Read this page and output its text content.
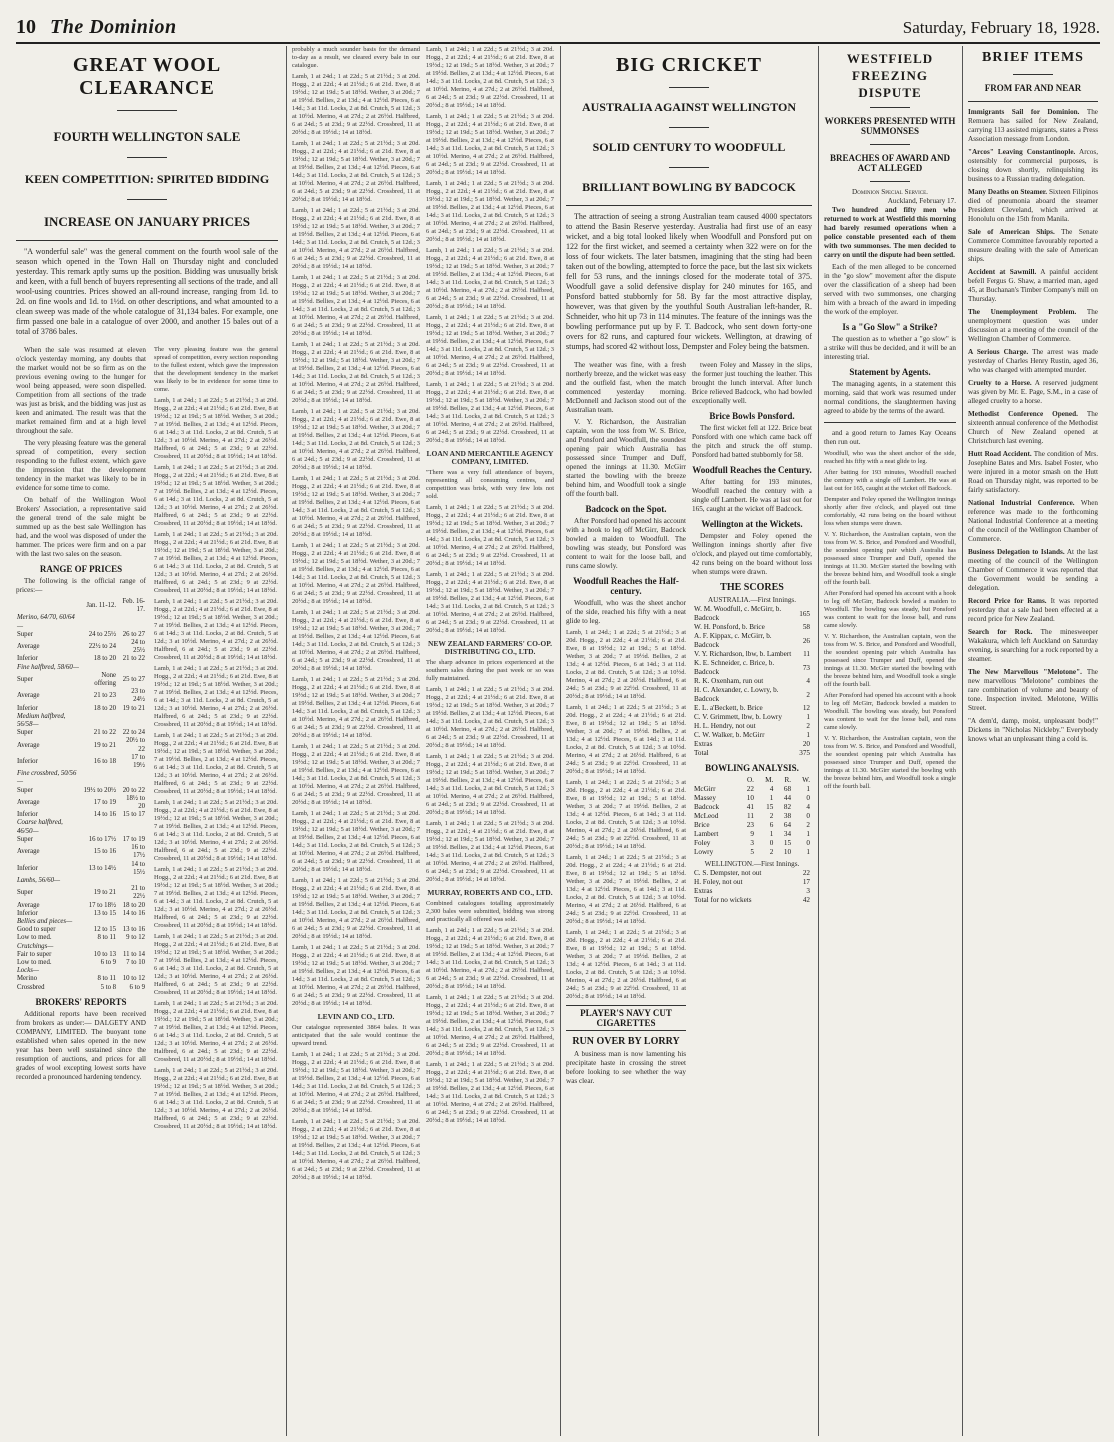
10 The Dominion	Saturday, February 18, 1928.
GREAT WOOL CLEARANCE
FOURTH WELLINGTON SALE
KEEN COMPETITION: SPIRITED BIDDING
INCREASE ON JANUARY PRICES

"A wonderful sale" was the general comment on the fourth wool sale of the season which opened in the Town Hall on Thursday night and concluded yesterday. This remark aptly sums up the position. Bidding was unusually brisk and keen, with a full bench of buyers representing all sections of the trade, and all wool-using countries. Prices showed an all-round increase, ranging from 1d. to 2d. on fine wools and 1d. to 1½d. on other descriptions, and what amounted to a clean sweep was made of the whole catalogue of 31,134 bales. For example, one firm passed one bale in a catalogue of over 2000, and another 15 bales out of a total of 3786 bales.

When the sale was resumed at eleven o'clock yesterday morning, any doubts that the market would not be so firm as on the previous evening owing to the hunger for wool being appeased, were soon dispelled. Competition from all sections of the trade was just as brisk, and the bidding was just as keen and animated. The result was that the market remained firm and at a high level throughout the sale.

The very pleasing feature was the general spread of competition, every section responding to the fullest extent, which gave the impression that the development tendency in the market was likely to be in evidence for some time to come.

On behalf of the Wellington Wool Brokers' Association, a representative said the general trend of the sale might be summed up as the best sale Wellington has had, and the wool was disposed of under the hammer. The prices were firm and on a par with the last two sales on the season.

RANGE OF PRICES

The following is the official range of prices:—

	Jan. 11-12.	Feb. 16-17.
Merino, 64/70, 60/64—		
Super	24 to 25½	26 to 27
Average	22½ to 24	24 to 25½
Inferior	18 to 20	21 to 22
Fine halfbred, 58/60—		
Super	None offering	25 to 27
Average	21 to 23	23 to 24½
Inferior	18 to 20	19 to 21
Medium halfbred, 56/58—		
Super	21 to 22	22 to 24
Average	19 to 21	20½ to 22
Inferior	16 to 18	17 to 19½
Fine crossbred, 50/56—		
Super	19½ to 20½	20 to 22
Average	17 to 19	18½ to 20
Inferior	14 to 16	15 to 17
Coarse halfbred, 46/50—		
Super	16 to 17½	17 to 19
Average	15 to 16	16 to 17½
Inferior	13 to 14½	14 to 15½
Lambs, 56/60—		
Super	19 to 21	21 to 22½
Average	17 to 18½	18 to 20
Inferior	13 to 15	14 to 16
Bellies and pieces—		
Good to super	12 to 15	13 to 16
Low to med.	8 to 11	9 to 12
Crutchings—		
Fair to super	10 to 13	11 to 14
Low to med.	6 to 9	7 to 10
Locks—		
Merino	8 to 11	10 to 12
Crossbred	5 to 8	6 to 9
BROKERS' REPORTS

Additional reports have been received from brokers as under:— DALGETY AND COMPANY, LIMITED. The buoyant tone established when sales opened in the new year has been well sustained since the resumption of auctions, and prices for all grades of wool excepting lowest sorts have recorded a pronounced hardening tendency.

The very pleasing feature was the general spread of competition, every section responding to the fullest extent, which gave the impression that the development tendency in the market was likely to be in evidence for some time to come.

Lamb, 1 at 24d.; 1 at 22d.; 5 at 21½d.; 3 at 20d. Hogg., 2 at 22d.; 4 at 21½d.; 6 at 21d. Ewe, 8 at 19½d.; 12 at 19d.; 5 at 18½d. Wether, 3 at 20d.; 7 at 19½d. Bellies, 2 at 13d.; 4 at 12½d. Pieces, 6 at 14d.; 3 at 11d. Locks, 2 at 8d. Crutch, 5 at 12d.; 3 at 10½d. Merino, 4 at 27d.; 2 at 26½d. Halfbred, 6 at 24d.; 5 at 23d.; 9 at 22½d. Crossbred, 11 at 20½d.; 8 at 19½d.; 14 at 18½d.

Lamb, 1 at 24d.; 1 at 22d.; 5 at 21½d.; 3 at 20d. Hogg., 2 at 22d.; 4 at 21½d.; 6 at 21d. Ewe, 8 at 19½d.; 12 at 19d.; 5 at 18½d. Wether, 3 at 20d.; 7 at 19½d. Bellies, 2 at 13d.; 4 at 12½d. Pieces, 6 at 14d.; 3 at 11d. Locks, 2 at 8d. Crutch, 5 at 12d.; 3 at 10½d. Merino, 4 at 27d.; 2 at 26½d. Halfbred, 6 at 24d.; 5 at 23d.; 9 at 22½d. Crossbred, 11 at 20½d.; 8 at 19½d.; 14 at 18½d.

Lamb, 1 at 24d.; 1 at 22d.; 5 at 21½d.; 3 at 20d. Hogg., 2 at 22d.; 4 at 21½d.; 6 at 21d. Ewe, 8 at 19½d.; 12 at 19d.; 5 at 18½d. Wether, 3 at 20d.; 7 at 19½d. Bellies, 2 at 13d.; 4 at 12½d. Pieces, 6 at 14d.; 3 at 11d. Locks, 2 at 8d. Crutch, 5 at 12d.; 3 at 10½d. Merino, 4 at 27d.; 2 at 26½d. Halfbred, 6 at 24d.; 5 at 23d.; 9 at 22½d. Crossbred, 11 at 20½d.; 8 at 19½d.; 14 at 18½d.

Lamb, 1 at 24d.; 1 at 22d.; 5 at 21½d.; 3 at 20d. Hogg., 2 at 22d.; 4 at 21½d.; 6 at 21d. Ewe, 8 at 19½d.; 12 at 19d.; 5 at 18½d. Wether, 3 at 20d.; 7 at 19½d. Bellies, 2 at 13d.; 4 at 12½d. Pieces, 6 at 14d.; 3 at 11d. Locks, 2 at 8d. Crutch, 5 at 12d.; 3 at 10½d. Merino, 4 at 27d.; 2 at 26½d. Halfbred, 6 at 24d.; 5 at 23d.; 9 at 22½d. Crossbred, 11 at 20½d.; 8 at 19½d.; 14 at 18½d.

Lamb, 1 at 24d.; 1 at 22d.; 5 at 21½d.; 3 at 20d. Hogg., 2 at 22d.; 4 at 21½d.; 6 at 21d. Ewe, 8 at 19½d.; 12 at 19d.; 5 at 18½d. Wether, 3 at 20d.; 7 at 19½d. Bellies, 2 at 13d.; 4 at 12½d. Pieces, 6 at 14d.; 3 at 11d. Locks, 2 at 8d. Crutch, 5 at 12d.; 3 at 10½d. Merino, 4 at 27d.; 2 at 26½d. Halfbred, 6 at 24d.; 5 at 23d.; 9 at 22½d. Crossbred, 11 at 20½d.; 8 at 19½d.; 14 at 18½d.

Lamb, 1 at 24d.; 1 at 22d.; 5 at 21½d.; 3 at 20d. Hogg., 2 at 22d.; 4 at 21½d.; 6 at 21d. Ewe, 8 at 19½d.; 12 at 19d.; 5 at 18½d. Wether, 3 at 20d.; 7 at 19½d. Bellies, 2 at 13d.; 4 at 12½d. Pieces, 6 at 14d.; 3 at 11d. Locks, 2 at 8d. Crutch, 5 at 12d.; 3 at 10½d. Merino, 4 at 27d.; 2 at 26½d. Halfbred, 6 at 24d.; 5 at 23d.; 9 at 22½d. Crossbred, 11 at 20½d.; 8 at 19½d.; 14 at 18½d.

Lamb, 1 at 24d.; 1 at 22d.; 5 at 21½d.; 3 at 20d. Hogg., 2 at 22d.; 4 at 21½d.; 6 at 21d. Ewe, 8 at 19½d.; 12 at 19d.; 5 at 18½d. Wether, 3 at 20d.; 7 at 19½d. Bellies, 2 at 13d.; 4 at 12½d. Pieces, 6 at 14d.; 3 at 11d. Locks, 2 at 8d. Crutch, 5 at 12d.; 3 at 10½d. Merino, 4 at 27d.; 2 at 26½d. Halfbred, 6 at 24d.; 5 at 23d.; 9 at 22½d. Crossbred, 11 at 20½d.; 8 at 19½d.; 14 at 18½d.

Lamb, 1 at 24d.; 1 at 22d.; 5 at 21½d.; 3 at 20d. Hogg., 2 at 22d.; 4 at 21½d.; 6 at 21d. Ewe, 8 at 19½d.; 12 at 19d.; 5 at 18½d. Wether, 3 at 20d.; 7 at 19½d. Bellies, 2 at 13d.; 4 at 12½d. Pieces, 6 at 14d.; 3 at 11d. Locks, 2 at 8d. Crutch, 5 at 12d.; 3 at 10½d. Merino, 4 at 27d.; 2 at 26½d. Halfbred, 6 at 24d.; 5 at 23d.; 9 at 22½d. Crossbred, 11 at 20½d.; 8 at 19½d.; 14 at 18½d.

Lamb, 1 at 24d.; 1 at 22d.; 5 at 21½d.; 3 at 20d. Hogg., 2 at 22d.; 4 at 21½d.; 6 at 21d. Ewe, 8 at 19½d.; 12 at 19d.; 5 at 18½d. Wether, 3 at 20d.; 7 at 19½d. Bellies, 2 at 13d.; 4 at 12½d. Pieces, 6 at 14d.; 3 at 11d. Locks, 2 at 8d. Crutch, 5 at 12d.; 3 at 10½d. Merino, 4 at 27d.; 2 at 26½d. Halfbred, 6 at 24d.; 5 at 23d.; 9 at 22½d. Crossbred, 11 at 20½d.; 8 at 19½d.; 14 at 18½d.

Lamb, 1 at 24d.; 1 at 22d.; 5 at 21½d.; 3 at 20d. Hogg., 2 at 22d.; 4 at 21½d.; 6 at 21d. Ewe, 8 at 19½d.; 12 at 19d.; 5 at 18½d. Wether, 3 at 20d.; 7 at 19½d. Bellies, 2 at 13d.; 4 at 12½d. Pieces, 6 at 14d.; 3 at 11d. Locks, 2 at 8d. Crutch, 5 at 12d.; 3 at 10½d. Merino, 4 at 27d.; 2 at 26½d. Halfbred, 6 at 24d.; 5 at 23d.; 9 at 22½d. Crossbred, 11 at 20½d.; 8 at 19½d.; 14 at 18½d.

Lamb, 1 at 24d.; 1 at 22d.; 5 at 21½d.; 3 at 20d. Hogg., 2 at 22d.; 4 at 21½d.; 6 at 21d. Ewe, 8 at 19½d.; 12 at 19d.; 5 at 18½d. Wether, 3 at 20d.; 7 at 19½d. Bellies, 2 at 13d.; 4 at 12½d. Pieces, 6 at 14d.; 3 at 11d. Locks, 2 at 8d. Crutch, 5 at 12d.; 3 at 10½d. Merino, 4 at 27d.; 2 at 26½d. Halfbred, 6 at 24d.; 5 at 23d.; 9 at 22½d. Crossbred, 11 at 20½d.; 8 at 19½d.; 14 at 18½d.

probably a much sounder basis for the demand to-day as a result, we cleared every bale in our catalogue.

Lamb, 1 at 24d.; 1 at 22d.; 5 at 21½d.; 3 at 20d. Hogg., 2 at 22d.; 4 at 21½d.; 6 at 21d. Ewe, 8 at 19½d.; 12 at 19d.; 5 at 18½d. Wether, 3 at 20d.; 7 at 19½d. Bellies, 2 at 13d.; 4 at 12½d. Pieces, 6 at 14d.; 3 at 11d. Locks, 2 at 8d. Crutch, 5 at 12d.; 3 at 10½d. Merino, 4 at 27d.; 2 at 26½d. Halfbred, 6 at 24d.; 5 at 23d.; 9 at 22½d. Crossbred, 11 at 20½d.; 8 at 19½d.; 14 at 18½d.

Lamb, 1 at 24d.; 1 at 22d.; 5 at 21½d.; 3 at 20d. Hogg., 2 at 22d.; 4 at 21½d.; 6 at 21d. Ewe, 8 at 19½d.; 12 at 19d.; 5 at 18½d. Wether, 3 at 20d.; 7 at 19½d. Bellies, 2 at 13d.; 4 at 12½d. Pieces, 6 at 14d.; 3 at 11d. Locks, 2 at 8d. Crutch, 5 at 12d.; 3 at 10½d. Merino, 4 at 27d.; 2 at 26½d. Halfbred, 6 at 24d.; 5 at 23d.; 9 at 22½d. Crossbred, 11 at 20½d.; 8 at 19½d.; 14 at 18½d.

Lamb, 1 at 24d.; 1 at 22d.; 5 at 21½d.; 3 at 20d. Hogg., 2 at 22d.; 4 at 21½d.; 6 at 21d. Ewe, 8 at 19½d.; 12 at 19d.; 5 at 18½d. Wether, 3 at 20d.; 7 at 19½d. Bellies, 2 at 13d.; 4 at 12½d. Pieces, 6 at 14d.; 3 at 11d. Locks, 2 at 8d. Crutch, 5 at 12d.; 3 at 10½d. Merino, 4 at 27d.; 2 at 26½d. Halfbred, 6 at 24d.; 5 at 23d.; 9 at 22½d. Crossbred, 11 at 20½d.; 8 at 19½d.; 14 at 18½d.

Lamb, 1 at 24d.; 1 at 22d.; 5 at 21½d.; 3 at 20d. Hogg., 2 at 22d.; 4 at 21½d.; 6 at 21d. Ewe, 8 at 19½d.; 12 at 19d.; 5 at 18½d. Wether, 3 at 20d.; 7 at 19½d. Bellies, 2 at 13d.; 4 at 12½d. Pieces, 6 at 14d.; 3 at 11d. Locks, 2 at 8d. Crutch, 5 at 12d.; 3 at 10½d. Merino, 4 at 27d.; 2 at 26½d. Halfbred, 6 at 24d.; 5 at 23d.; 9 at 22½d. Crossbred, 11 at 20½d.; 8 at 19½d.; 14 at 18½d.

Lamb, 1 at 24d.; 1 at 22d.; 5 at 21½d.; 3 at 20d. Hogg., 2 at 22d.; 4 at 21½d.; 6 at 21d. Ewe, 8 at 19½d.; 12 at 19d.; 5 at 18½d. Wether, 3 at 20d.; 7 at 19½d. Bellies, 2 at 13d.; 4 at 12½d. Pieces, 6 at 14d.; 3 at 11d. Locks, 2 at 8d. Crutch, 5 at 12d.; 3 at 10½d. Merino, 4 at 27d.; 2 at 26½d. Halfbred, 6 at 24d.; 5 at 23d.; 9 at 22½d. Crossbred, 11 at 20½d.; 8 at 19½d.; 14 at 18½d.

Lamb, 1 at 24d.; 1 at 22d.; 5 at 21½d.; 3 at 20d. Hogg., 2 at 22d.; 4 at 21½d.; 6 at 21d. Ewe, 8 at 19½d.; 12 at 19d.; 5 at 18½d. Wether, 3 at 20d.; 7 at 19½d. Bellies, 2 at 13d.; 4 at 12½d. Pieces, 6 at 14d.; 3 at 11d. Locks, 2 at 8d. Crutch, 5 at 12d.; 3 at 10½d. Merino, 4 at 27d.; 2 at 26½d. Halfbred, 6 at 24d.; 5 at 23d.; 9 at 22½d. Crossbred, 11 at 20½d.; 8 at 19½d.; 14 at 18½d.

Lamb, 1 at 24d.; 1 at 22d.; 5 at 21½d.; 3 at 20d. Hogg., 2 at 22d.; 4 at 21½d.; 6 at 21d. Ewe, 8 at 19½d.; 12 at 19d.; 5 at 18½d. Wether, 3 at 20d.; 7 at 19½d. Bellies, 2 at 13d.; 4 at 12½d. Pieces, 6 at 14d.; 3 at 11d. Locks, 2 at 8d. Crutch, 5 at 12d.; 3 at 10½d. Merino, 4 at 27d.; 2 at 26½d. Halfbred, 6 at 24d.; 5 at 23d.; 9 at 22½d. Crossbred, 11 at 20½d.; 8 at 19½d.; 14 at 18½d.

Lamb, 1 at 24d.; 1 at 22d.; 5 at 21½d.; 3 at 20d. Hogg., 2 at 22d.; 4 at 21½d.; 6 at 21d. Ewe, 8 at 19½d.; 12 at 19d.; 5 at 18½d. Wether, 3 at 20d.; 7 at 19½d. Bellies, 2 at 13d.; 4 at 12½d. Pieces, 6 at 14d.; 3 at 11d. Locks, 2 at 8d. Crutch, 5 at 12d.; 3 at 10½d. Merino, 4 at 27d.; 2 at 26½d. Halfbred, 6 at 24d.; 5 at 23d.; 9 at 22½d. Crossbred, 11 at 20½d.; 8 at 19½d.; 14 at 18½d.

Lamb, 1 at 24d.; 1 at 22d.; 5 at 21½d.; 3 at 20d. Hogg., 2 at 22d.; 4 at 21½d.; 6 at 21d. Ewe, 8 at 19½d.; 12 at 19d.; 5 at 18½d. Wether, 3 at 20d.; 7 at 19½d. Bellies, 2 at 13d.; 4 at 12½d. Pieces, 6 at 14d.; 3 at 11d. Locks, 2 at 8d. Crutch, 5 at 12d.; 3 at 10½d. Merino, 4 at 27d.; 2 at 26½d. Halfbred, 6 at 24d.; 5 at 23d.; 9 at 22½d. Crossbred, 11 at 20½d.; 8 at 19½d.; 14 at 18½d.

Lamb, 1 at 24d.; 1 at 22d.; 5 at 21½d.; 3 at 20d. Hogg., 2 at 22d.; 4 at 21½d.; 6 at 21d. Ewe, 8 at 19½d.; 12 at 19d.; 5 at 18½d. Wether, 3 at 20d.; 7 at 19½d. Bellies, 2 at 13d.; 4 at 12½d. Pieces, 6 at 14d.; 3 at 11d. Locks, 2 at 8d. Crutch, 5 at 12d.; 3 at 10½d. Merino, 4 at 27d.; 2 at 26½d. Halfbred, 6 at 24d.; 5 at 23d.; 9 at 22½d. Crossbred, 11 at 20½d.; 8 at 19½d.; 14 at 18½d.

Lamb, 1 at 24d.; 1 at 22d.; 5 at 21½d.; 3 at 20d. Hogg., 2 at 22d.; 4 at 21½d.; 6 at 21d. Ewe, 8 at 19½d.; 12 at 19d.; 5 at 18½d. Wether, 3 at 20d.; 7 at 19½d. Bellies, 2 at 13d.; 4 at 12½d. Pieces, 6 at 14d.; 3 at 11d. Locks, 2 at 8d. Crutch, 5 at 12d.; 3 at 10½d. Merino, 4 at 27d.; 2 at 26½d. Halfbred, 6 at 24d.; 5 at 23d.; 9 at 22½d. Crossbred, 11 at 20½d.; 8 at 19½d.; 14 at 18½d.

Lamb, 1 at 24d.; 1 at 22d.; 5 at 21½d.; 3 at 20d. Hogg., 2 at 22d.; 4 at 21½d.; 6 at 21d. Ewe, 8 at 19½d.; 12 at 19d.; 5 at 18½d. Wether, 3 at 20d.; 7 at 19½d. Bellies, 2 at 13d.; 4 at 12½d. Pieces, 6 at 14d.; 3 at 11d. Locks, 2 at 8d. Crutch, 5 at 12d.; 3 at 10½d. Merino, 4 at 27d.; 2 at 26½d. Halfbred, 6 at 24d.; 5 at 23d.; 9 at 22½d. Crossbred, 11 at 20½d.; 8 at 19½d.; 14 at 18½d.

Lamb, 1 at 24d.; 1 at 22d.; 5 at 21½d.; 3 at 20d. Hogg., 2 at 22d.; 4 at 21½d.; 6 at 21d. Ewe, 8 at 19½d.; 12 at 19d.; 5 at 18½d. Wether, 3 at 20d.; 7 at 19½d. Bellies, 2 at 13d.; 4 at 12½d. Pieces, 6 at 14d.; 3 at 11d. Locks, 2 at 8d. Crutch, 5 at 12d.; 3 at 10½d. Merino, 4 at 27d.; 2 at 26½d. Halfbred, 6 at 24d.; 5 at 23d.; 9 at 22½d. Crossbred, 11 at 20½d.; 8 at 19½d.; 14 at 18½d.

Lamb, 1 at 24d.; 1 at 22d.; 5 at 21½d.; 3 at 20d. Hogg., 2 at 22d.; 4 at 21½d.; 6 at 21d. Ewe, 8 at 19½d.; 12 at 19d.; 5 at 18½d. Wether, 3 at 20d.; 7 at 19½d. Bellies, 2 at 13d.; 4 at 12½d. Pieces, 6 at 14d.; 3 at 11d. Locks, 2 at 8d. Crutch, 5 at 12d.; 3 at 10½d. Merino, 4 at 27d.; 2 at 26½d. Halfbred, 6 at 24d.; 5 at 23d.; 9 at 22½d. Crossbred, 11 at 20½d.; 8 at 19½d.; 14 at 18½d.

LEVIN AND CO., LTD.

Our catalogue represented 3864 bales. It was anticipated that the sale would continue the upward trend.

Lamb, 1 at 24d.; 1 at 22d.; 5 at 21½d.; 3 at 20d. Hogg., 2 at 22d.; 4 at 21½d.; 6 at 21d. Ewe, 8 at 19½d.; 12 at 19d.; 5 at 18½d. Wether, 3 at 20d.; 7 at 19½d. Bellies, 2 at 13d.; 4 at 12½d. Pieces, 6 at 14d.; 3 at 11d. Locks, 2 at 8d. Crutch, 5 at 12d.; 3 at 10½d. Merino, 4 at 27d.; 2 at 26½d. Halfbred, 6 at 24d.; 5 at 23d.; 9 at 22½d. Crossbred, 11 at 20½d.; 8 at 19½d.; 14 at 18½d.

Lamb, 1 at 24d.; 1 at 22d.; 5 at 21½d.; 3 at 20d. Hogg., 2 at 22d.; 4 at 21½d.; 6 at 21d. Ewe, 8 at 19½d.; 12 at 19d.; 5 at 18½d. Wether, 3 at 20d.; 7 at 19½d. Bellies, 2 at 13d.; 4 at 12½d. Pieces, 6 at 14d.; 3 at 11d. Locks, 2 at 8d. Crutch, 5 at 12d.; 3 at 10½d. Merino, 4 at 27d.; 2 at 26½d. Halfbred, 6 at 24d.; 5 at 23d.; 9 at 22½d. Crossbred, 11 at 20½d.; 8 at 19½d.; 14 at 18½d.

Lamb, 1 at 24d.; 1 at 22d.; 5 at 21½d.; 3 at 20d. Hogg., 2 at 22d.; 4 at 21½d.; 6 at 21d. Ewe, 8 at 19½d.; 12 at 19d.; 5 at 18½d. Wether, 3 at 20d.; 7 at 19½d. Bellies, 2 at 13d.; 4 at 12½d. Pieces, 6 at 14d.; 3 at 11d. Locks, 2 at 8d. Crutch, 5 at 12d.; 3 at 10½d. Merino, 4 at 27d.; 2 at 26½d. Halfbred, 6 at 24d.; 5 at 23d.; 9 at 22½d. Crossbred, 11 at 20½d.; 8 at 19½d.; 14 at 18½d.

Lamb, 1 at 24d.; 1 at 22d.; 5 at 21½d.; 3 at 20d. Hogg., 2 at 22d.; 4 at 21½d.; 6 at 21d. Ewe, 8 at 19½d.; 12 at 19d.; 5 at 18½d. Wether, 3 at 20d.; 7 at 19½d. Bellies, 2 at 13d.; 4 at 12½d. Pieces, 6 at 14d.; 3 at 11d. Locks, 2 at 8d. Crutch, 5 at 12d.; 3 at 10½d. Merino, 4 at 27d.; 2 at 26½d. Halfbred, 6 at 24d.; 5 at 23d.; 9 at 22½d. Crossbred, 11 at 20½d.; 8 at 19½d.; 14 at 18½d.

Lamb, 1 at 24d.; 1 at 22d.; 5 at 21½d.; 3 at 20d. Hogg., 2 at 22d.; 4 at 21½d.; 6 at 21d. Ewe, 8 at 19½d.; 12 at 19d.; 5 at 18½d. Wether, 3 at 20d.; 7 at 19½d. Bellies, 2 at 13d.; 4 at 12½d. Pieces, 6 at 14d.; 3 at 11d. Locks, 2 at 8d. Crutch, 5 at 12d.; 3 at 10½d. Merino, 4 at 27d.; 2 at 26½d. Halfbred, 6 at 24d.; 5 at 23d.; 9 at 22½d. Crossbred, 11 at 20½d.; 8 at 19½d.; 14 at 18½d.

Lamb, 1 at 24d.; 1 at 22d.; 5 at 21½d.; 3 at 20d. Hogg., 2 at 22d.; 4 at 21½d.; 6 at 21d. Ewe, 8 at 19½d.; 12 at 19d.; 5 at 18½d. Wether, 3 at 20d.; 7 at 19½d. Bellies, 2 at 13d.; 4 at 12½d. Pieces, 6 at 14d.; 3 at 11d. Locks, 2 at 8d. Crutch, 5 at 12d.; 3 at 10½d. Merino, 4 at 27d.; 2 at 26½d. Halfbred, 6 at 24d.; 5 at 23d.; 9 at 22½d. Crossbred, 11 at 20½d.; 8 at 19½d.; 14 at 18½d.

Lamb, 1 at 24d.; 1 at 22d.; 5 at 21½d.; 3 at 20d. Hogg., 2 at 22d.; 4 at 21½d.; 6 at 21d. Ewe, 8 at 19½d.; 12 at 19d.; 5 at 18½d. Wether, 3 at 20d.; 7 at 19½d. Bellies, 2 at 13d.; 4 at 12½d. Pieces, 6 at 14d.; 3 at 11d. Locks, 2 at 8d. Crutch, 5 at 12d.; 3 at 10½d. Merino, 4 at 27d.; 2 at 26½d. Halfbred, 6 at 24d.; 5 at 23d.; 9 at 22½d. Crossbred, 11 at 20½d.; 8 at 19½d.; 14 at 18½d.

Lamb, 1 at 24d.; 1 at 22d.; 5 at 21½d.; 3 at 20d. Hogg., 2 at 22d.; 4 at 21½d.; 6 at 21d. Ewe, 8 at 19½d.; 12 at 19d.; 5 at 18½d. Wether, 3 at 20d.; 7 at 19½d. Bellies, 2 at 13d.; 4 at 12½d. Pieces, 6 at 14d.; 3 at 11d. Locks, 2 at 8d. Crutch, 5 at 12d.; 3 at 10½d. Merino, 4 at 27d.; 2 at 26½d. Halfbred, 6 at 24d.; 5 at 23d.; 9 at 22½d. Crossbred, 11 at 20½d.; 8 at 19½d.; 14 at 18½d.

LOAN AND MERCANTILE AGENCY COMPANY, LIMITED.

"There was a very full attendance of buyers, representing all consuming centres, and competition was brisk, with very few lots not sold.

Lamb, 1 at 24d.; 1 at 22d.; 5 at 21½d.; 3 at 20d. Hogg., 2 at 22d.; 4 at 21½d.; 6 at 21d. Ewe, 8 at 19½d.; 12 at 19d.; 5 at 18½d. Wether, 3 at 20d.; 7 at 19½d. Bellies, 2 at 13d.; 4 at 12½d. Pieces, 6 at 14d.; 3 at 11d. Locks, 2 at 8d. Crutch, 5 at 12d.; 3 at 10½d. Merino, 4 at 27d.; 2 at 26½d. Halfbred, 6 at 24d.; 5 at 23d.; 9 at 22½d. Crossbred, 11 at 20½d.; 8 at 19½d.; 14 at 18½d.

Lamb, 1 at 24d.; 1 at 22d.; 5 at 21½d.; 3 at 20d. Hogg., 2 at 22d.; 4 at 21½d.; 6 at 21d. Ewe, 8 at 19½d.; 12 at 19d.; 5 at 18½d. Wether, 3 at 20d.; 7 at 19½d. Bellies, 2 at 13d.; 4 at 12½d. Pieces, 6 at 14d.; 3 at 11d. Locks, 2 at 8d. Crutch, 5 at 12d.; 3 at 10½d. Merino, 4 at 27d.; 2 at 26½d. Halfbred, 6 at 24d.; 5 at 23d.; 9 at 22½d. Crossbred, 11 at 20½d.; 8 at 19½d.; 14 at 18½d.

NEW ZEALAND FARMERS' CO-OP. DISTRIBUTING CO., LTD.

The sharp advance in prices experienced at the southern sales during the past week or so was fully maintained.

Lamb, 1 at 24d.; 1 at 22d.; 5 at 21½d.; 3 at 20d. Hogg., 2 at 22d.; 4 at 21½d.; 6 at 21d. Ewe, 8 at 19½d.; 12 at 19d.; 5 at 18½d. Wether, 3 at 20d.; 7 at 19½d. Bellies, 2 at 13d.; 4 at 12½d. Pieces, 6 at 14d.; 3 at 11d. Locks, 2 at 8d. Crutch, 5 at 12d.; 3 at 10½d. Merino, 4 at 27d.; 2 at 26½d. Halfbred, 6 at 24d.; 5 at 23d.; 9 at 22½d. Crossbred, 11 at 20½d.; 8 at 19½d.; 14 at 18½d.

Lamb, 1 at 24d.; 1 at 22d.; 5 at 21½d.; 3 at 20d. Hogg., 2 at 22d.; 4 at 21½d.; 6 at 21d. Ewe, 8 at 19½d.; 12 at 19d.; 5 at 18½d. Wether, 3 at 20d.; 7 at 19½d. Bellies, 2 at 13d.; 4 at 12½d. Pieces, 6 at 14d.; 3 at 11d. Locks, 2 at 8d. Crutch, 5 at 12d.; 3 at 10½d. Merino, 4 at 27d.; 2 at 26½d. Halfbred, 6 at 24d.; 5 at 23d.; 9 at 22½d. Crossbred, 11 at 20½d.; 8 at 19½d.; 14 at 18½d.

Lamb, 1 at 24d.; 1 at 22d.; 5 at 21½d.; 3 at 20d. Hogg., 2 at 22d.; 4 at 21½d.; 6 at 21d. Ewe, 8 at 19½d.; 12 at 19d.; 5 at 18½d. Wether, 3 at 20d.; 7 at 19½d. Bellies, 2 at 13d.; 4 at 12½d. Pieces, 6 at 14d.; 3 at 11d. Locks, 2 at 8d. Crutch, 5 at 12d.; 3 at 10½d. Merino, 4 at 27d.; 2 at 26½d. Halfbred, 6 at 24d.; 5 at 23d.; 9 at 22½d. Crossbred, 11 at 20½d.; 8 at 19½d.; 14 at 18½d.

MURRAY, ROBERTS AND CO., LTD.

Combined catalogues totalling approximately 2,300 bales were submitted, bidding was strong and practically all offered was sold.

Lamb, 1 at 24d.; 1 at 22d.; 5 at 21½d.; 3 at 20d. Hogg., 2 at 22d.; 4 at 21½d.; 6 at 21d. Ewe, 8 at 19½d.; 12 at 19d.; 5 at 18½d. Wether, 3 at 20d.; 7 at 19½d. Bellies, 2 at 13d.; 4 at 12½d. Pieces, 6 at 14d.; 3 at 11d. Locks, 2 at 8d. Crutch, 5 at 12d.; 3 at 10½d. Merino, 4 at 27d.; 2 at 26½d. Halfbred, 6 at 24d.; 5 at 23d.; 9 at 22½d. Crossbred, 11 at 20½d.; 8 at 19½d.; 14 at 18½d.

Lamb, 1 at 24d.; 1 at 22d.; 5 at 21½d.; 3 at 20d. Hogg., 2 at 22d.; 4 at 21½d.; 6 at 21d. Ewe, 8 at 19½d.; 12 at 19d.; 5 at 18½d. Wether, 3 at 20d.; 7 at 19½d. Bellies, 2 at 13d.; 4 at 12½d. Pieces, 6 at 14d.; 3 at 11d. Locks, 2 at 8d. Crutch, 5 at 12d.; 3 at 10½d. Merino, 4 at 27d.; 2 at 26½d. Halfbred, 6 at 24d.; 5 at 23d.; 9 at 22½d. Crossbred, 11 at 20½d.; 8 at 19½d.; 14 at 18½d.

Lamb, 1 at 24d.; 1 at 22d.; 5 at 21½d.; 3 at 20d. Hogg., 2 at 22d.; 4 at 21½d.; 6 at 21d. Ewe, 8 at 19½d.; 12 at 19d.; 5 at 18½d. Wether, 3 at 20d.; 7 at 19½d. Bellies, 2 at 13d.; 4 at 12½d. Pieces, 6 at 14d.; 3 at 11d. Locks, 2 at 8d. Crutch, 5 at 12d.; 3 at 10½d. Merino, 4 at 27d.; 2 at 26½d. Halfbred, 6 at 24d.; 5 at 23d.; 9 at 22½d. Crossbred, 11 at 20½d.; 8 at 19½d.; 14 at 18½d.

BIG CRICKET
AUSTRALIA AGAINST WELLINGTON
SOLID CENTURY TO WOODFULL
BRILLIANT BOWLING BY BADCOCK

The attraction of seeing a strong Australian team caused 4000 spectators to attend the Basin Reserve yesterday. Australia had first use of an easy wicket, and a big total looked likely when Woodfull and Ponsford put on 122 for the first wicket, and seemed a certainty when 322 were on for the loss of four wickets. The later batsmen, imagining that the sting had been taken out of the bowling, attempted to force the pace, but the last six wickets fell for 53 runs, and the innings closed for the moderate total of 375. Woodfull gave a solid defensive display for 240 minutes for 165, and Ponsford batted stubbornly for 58. By far the most attractive display, however, was that given by the youthful South Australian left-hander, R. Schneider, who hit up 73 in 114 minutes. The feature of the innings was the bowling performance put up by F. T. Badcock, who sent down forty-one overs for 82 runs, and captured four wickets. Wellington, at drawing of stumps, had scored 42 without loss, Dempster and Foley being the batsmen.

The weather was fine, with a fresh northerly breeze, and the wicket was easy and the outfield fast, when the match commenced yesterday morning. McDonnell and Jackson stood out of the Australian team.

V. Y. Richardson, the Australian captain, won the toss from W. S. Brice, and Ponsford and Woodfull, the soundest opening pair which Australia has possessed since Trumper and Duff, opened the innings at 11.30. McGirr started the bowling with the breeze behind him, and Woodfull took a single off the fourth ball.

Badcock on the Spot.

After Ponsford had opened his account with a hook to leg off McGirr, Badcock bowled a maiden to Woodfull. The bowling was steady, but Ponsford was content to wait for the loose ball, and runs came slowly.

Woodfull Reaches the Half-century.

Woodfull, who was the sheet anchor of the side, reached his fifty with a neat glide to leg.

Lamb, 1 at 24d.; 1 at 22d.; 5 at 21½d.; 3 at 20d. Hogg., 2 at 22d.; 4 at 21½d.; 6 at 21d. Ewe, 8 at 19½d.; 12 at 19d.; 5 at 18½d. Wether, 3 at 20d.; 7 at 19½d. Bellies, 2 at 13d.; 4 at 12½d. Pieces, 6 at 14d.; 3 at 11d. Locks, 2 at 8d. Crutch, 5 at 12d.; 3 at 10½d. Merino, 4 at 27d.; 2 at 26½d. Halfbred, 6 at 24d.; 5 at 23d.; 9 at 22½d. Crossbred, 11 at 20½d.; 8 at 19½d.; 14 at 18½d.

Lamb, 1 at 24d.; 1 at 22d.; 5 at 21½d.; 3 at 20d. Hogg., 2 at 22d.; 4 at 21½d.; 6 at 21d. Ewe, 8 at 19½d.; 12 at 19d.; 5 at 18½d. Wether, 3 at 20d.; 7 at 19½d. Bellies, 2 at 13d.; 4 at 12½d. Pieces, 6 at 14d.; 3 at 11d. Locks, 2 at 8d. Crutch, 5 at 12d.; 3 at 10½d. Merino, 4 at 27d.; 2 at 26½d. Halfbred, 6 at 24d.; 5 at 23d.; 9 at 22½d. Crossbred, 11 at 20½d.; 8 at 19½d.; 14 at 18½d.

Lamb, 1 at 24d.; 1 at 22d.; 5 at 21½d.; 3 at 20d. Hogg., 2 at 22d.; 4 at 21½d.; 6 at 21d. Ewe, 8 at 19½d.; 12 at 19d.; 5 at 18½d. Wether, 3 at 20d.; 7 at 19½d. Bellies, 2 at 13d.; 4 at 12½d. Pieces, 6 at 14d.; 3 at 11d. Locks, 2 at 8d. Crutch, 5 at 12d.; 3 at 10½d. Merino, 4 at 27d.; 2 at 26½d. Halfbred, 6 at 24d.; 5 at 23d.; 9 at 22½d. Crossbred, 11 at 20½d.; 8 at 19½d.; 14 at 18½d.

Lamb, 1 at 24d.; 1 at 22d.; 5 at 21½d.; 3 at 20d. Hogg., 2 at 22d.; 4 at 21½d.; 6 at 21d. Ewe, 8 at 19½d.; 12 at 19d.; 5 at 18½d. Wether, 3 at 20d.; 7 at 19½d. Bellies, 2 at 13d.; 4 at 12½d. Pieces, 6 at 14d.; 3 at 11d. Locks, 2 at 8d. Crutch, 5 at 12d.; 3 at 10½d. Merino, 4 at 27d.; 2 at 26½d. Halfbred, 6 at 24d.; 5 at 23d.; 9 at 22½d. Crossbred, 11 at 20½d.; 8 at 19½d.; 14 at 18½d.

Lamb, 1 at 24d.; 1 at 22d.; 5 at 21½d.; 3 at 20d. Hogg., 2 at 22d.; 4 at 21½d.; 6 at 21d. Ewe, 8 at 19½d.; 12 at 19d.; 5 at 18½d. Wether, 3 at 20d.; 7 at 19½d. Bellies, 2 at 13d.; 4 at 12½d. Pieces, 6 at 14d.; 3 at 11d. Locks, 2 at 8d. Crutch, 5 at 12d.; 3 at 10½d. Merino, 4 at 27d.; 2 at 26½d. Halfbred, 6 at 24d.; 5 at 23d.; 9 at 22½d. Crossbred, 11 at 20½d.; 8 at 19½d.; 14 at 18½d.

PLAYER'S NAVY CUT CIGARETTES
RUN OVER BY LORRY

A business man is now lamenting his precipitate haste in crossing the street before looking to see whether the way was clear.

tween Foley and Massey in the slips, the former just touching the leather. This brought the lunch interval. After lunch Brice relieved Badcock, who had bowled exceptionally well.

Brice Bowls Ponsford.

The first wicket fell at 122. Brice beat Ponsford with one which came back off the pitch and struck the off stump. Ponsford had batted stubbornly for 58.

Woodfull Reaches the Century.

After batting for 193 minutes, Woodfull reached the century with a single off Lambert. He was at last out for 165, caught at the wicket off Badcock.

Wellington at the Wickets.

Dempster and Foley opened the Wellington innings shortly after five o'clock, and played out time comfortably, 42 runs being on the board without loss when stumps were drawn.

THE SCORES
AUSTRALIA.—First Innings.
W. M. Woodfull, c. McGirr, b. Badcock	165
W. H. Ponsford, b. Brice	58
A. F. Kippax, c. McGirr, b. Badcock	26
V. Y. Richardson, lbw, b. Lambert	11
K. E. Schneider, c. Brice, b. Badcock	73
R. K. Oxenham, run out	4
H. C. Alexander, c. Lowry, b. Badcock	2
E. L. a'Beckett, b. Brice	12
C. V. Grimmett, lbw, b. Lowry	1
H. L. Hendry, not out	2
C. W. Walker, b. McGirr	1
Extras	20
Total	375
BOWLING ANALYSIS.
	O.	M.	R.	W.
McGirr	22	4	68	1
Massey	10	1	44	0
Badcock	41	15	82	4
McLeod	11	2	38	0
Brice	23	6	64	2
Lambert	9	1	34	1
Foley	3	0	15	0
Lowry	5	2	10	1
WELLINGTON.—First Innings.
C. S. Dempster, not out	22
H. Foley, not out	17
Extras	3
Total for no wickets	42
WESTFIELD FREEZING DISPUTE
WORKERS PRESENTED WITH SUMMONSES
BREACHES OF AWARD AND ACT ALLEGED
Dominion Special Service.
Auckland, February 17.

Two hundred and fifty men who returned to work at Westfield this morning had barely resumed operations when a police constable presented each of them with two summonses. The men decided to carry on until the dispute had been settled.

Each of the men alleged to be concerned in the "go slow" movement after the dispute over the classification of a sheep had been served with two summonses, one charging him with a breach of the award in impeding the work of the employer.

Is a "Go Slow" a Strike?

The question as to whether a "go slow" is a strike will thus be decided, and it will be an interesting trial.

Statement by Agents.

The managing agents, in a statement this morning, said that work was resumed under normal conditions, the slaughtermen having agreed to abide by the terms of the award.

and a good return to James Kay Oceans then run out.

Woodfull, who was the sheet anchor of the side, reached his fifty with a neat glide to leg.

After batting for 193 minutes, Woodfull reached the century with a single off Lambert. He was at last out for 165, caught at the wicket off Badcock.

Dempster and Foley opened the Wellington innings shortly after five o'clock, and played out time comfortably, 42 runs being on the board without loss when stumps were drawn.

V. Y. Richardson, the Australian captain, won the toss from W. S. Brice, and Ponsford and Woodfull, the soundest opening pair which Australia has possessed since Trumper and Duff, opened the innings at 11.30. McGirr started the bowling with the breeze behind him, and Woodfull took a single off the fourth ball.

After Ponsford had opened his account with a hook to leg off McGirr, Badcock bowled a maiden to Woodfull. The bowling was steady, but Ponsford was content to wait for the loose ball, and runs came slowly.

V. Y. Richardson, the Australian captain, won the toss from W. S. Brice, and Ponsford and Woodfull, the soundest opening pair which Australia has possessed since Trumper and Duff, opened the innings at 11.30. McGirr started the bowling with the breeze behind him, and Woodfull took a single off the fourth ball.

After Ponsford had opened his account with a hook to leg off McGirr, Badcock bowled a maiden to Woodfull. The bowling was steady, but Ponsford was content to wait for the loose ball, and runs came slowly.

V. Y. Richardson, the Australian captain, won the toss from W. S. Brice, and Ponsford and Woodfull, the soundest opening pair which Australia has possessed since Trumper and Duff, opened the innings at 11.30. McGirr started the bowling with the breeze behind him, and Woodfull took a single off the fourth ball.

BRIEF ITEMS
FROM FAR AND NEAR
Immigrants Sail for Dominion. The Remuera has sailed for New Zealand, carrying 113 assisted migrants, states a Press Association message from London.
"Arcos" Leaving Constantinople. Arcos, ostensibly for commercial purposes, is closing down shortly, relinquishing its business to a Russian trading delegation.
Many Deaths on Steamer. Sixteen Filipinos died of pneumonia aboard the steamer President Cleveland, which arrived at Honolulu on the 15th from Manila.
Sale of American Ships. The Senate Commerce Committee favourably reported a measure dealing with the sale of American ships.
Accident at Sawmill. A painful accident befell Fergus G. Shaw, a married man, aged 45, at Buchanan's Timber Company's mill on Thursday.
The Unemployment Problem. The unemployment question was under discussion at a meeting of the council of the Wellington Chamber of Commerce.
A Serious Charge. The arrest was made yesterday of Charles Henry Rustin, aged 36, who was charged with attempted murder.
Cruelty to a Horse. A reserved judgment was given by Mr. E. Page, S.M., in a case of alleged cruelty to a horse.
Methodist Conference Opened. The sixteenth annual conference of the Methodist Church of New Zealand opened at Christchurch last evening.
Hutt Road Accident. The condition of Mrs. Josephine Bates and Mrs. Isabel Foster, who were injured in a motor smash on the Hutt Road on Thursday night, was reported to be fairly satisfactory.
National Industrial Conference. When reference was made to the forthcoming National Industrial Conference at a meeting of the council of the Wellington Chamber of Commerce.
Business Delegation to Islands. At the last meeting of the council of the Wellington Chamber of Commerce it was reported that the Government would be sending a delegation.
Record Price for Rams. It was reported yesterday that a sale had been effected at a record price for New Zealand.
Search for Rock. The minesweeper Wakakura, which left Auckland on Saturday evening, is searching for a rock reported by a steamer.
The New Marvellous "Melotone". The new marvellous "Melotone" combines the rare combination of volume and beauty of tone. Inspection invited. Melotone, Willis Street.
"A dem'd, damp, moist, unpleasant body!" Dickens in "Nicholas Nickleby." Everybody knows what an unpleasant thing a cold is.
